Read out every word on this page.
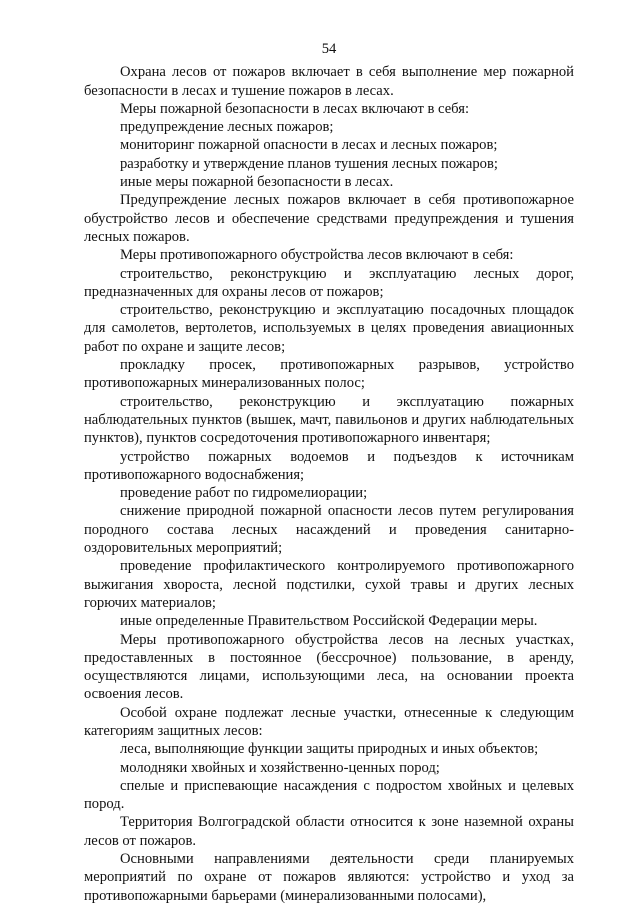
54

Охрана лесов от пожаров включает в себя выполнение мер пожарной безопасности в лесах и тушение пожаров в лесах.

Меры пожарной безопасности в лесах включают в себя:

предупреждение лесных пожаров;

мониторинг пожарной опасности в лесах и лесных пожаров;

разработку и утверждение планов тушения лесных пожаров;

иные меры пожарной безопасности в лесах.

Предупреждение лесных пожаров включает в себя противопожарное обустройство лесов и обеспечение средствами предупреждения и тушения лесных пожаров.

Меры противопожарного обустройства лесов включают в себя:

строительство, реконструкцию и эксплуатацию лесных дорог, предназначенных для охраны лесов от пожаров;

строительство, реконструкцию и эксплуатацию посадочных площадок для самолетов, вертолетов, используемых в целях проведения авиационных работ по охране и защите лесов;

прокладку просек, противопожарных разрывов, устройство противопожарных минерализованных полос;

строительство, реконструкцию и эксплуатацию пожарных наблюдательных пунктов (вышек, мачт, павильонов и других наблюдательных пунктов), пунктов сосредоточения противопожарного инвентаря;

устройство пожарных водоемов и подъездов к источникам противопожарного водоснабжения;

проведение работ по гидромелиорации;

снижение природной пожарной опасности лесов путем регулирования породного состава лесных насаждений и проведения санитарно-оздоровительных мероприятий;

проведение профилактического контролируемого противопожарного выжигания хвороста, лесной подстилки, сухой травы и других лесных горючих материалов;

иные определенные Правительством Российской Федерации меры.

Меры противопожарного обустройства лесов на лесных участках, предоставленных в постоянное (бессрочное) пользование, в аренду, осуществляются лицами, использующими леса, на основании проекта освоения лесов.

Особой охране подлежат лесные участки, отнесенные к следующим категориям защитных лесов:

леса, выполняющие функции защиты природных и иных объектов;

молодняки хвойных и хозяйственно-ценных пород;

спелые и приспевающие насаждения с подростом хвойных и целевых пород.

Территория Волгоградской области относится к зоне наземной охраны лесов от пожаров.

Основными направлениями деятельности среди планируемых мероприятий по охране от пожаров являются: устройство и уход за противопожарными барьерами (минерализованными полосами),
